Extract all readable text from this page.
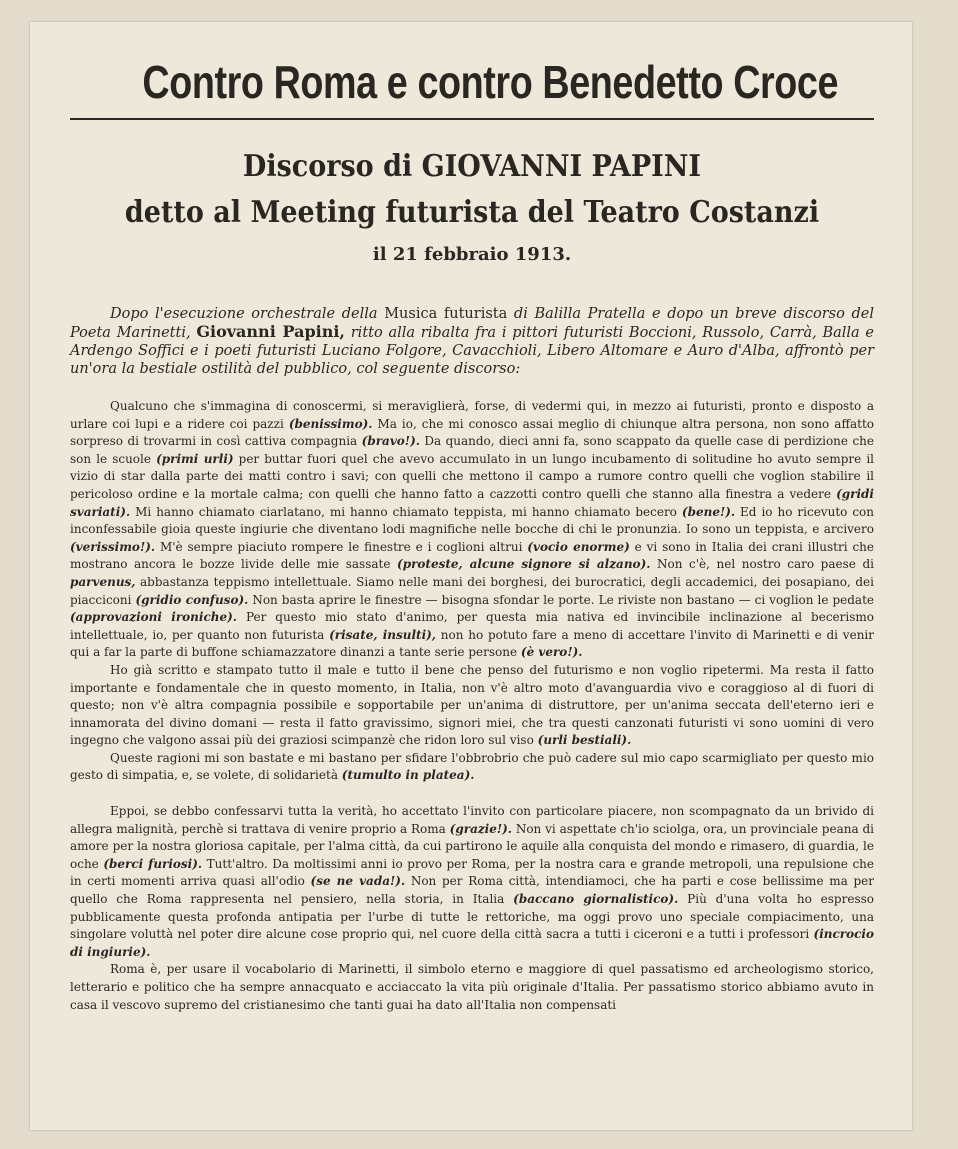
Contro Roma e contro Benedetto Croce
Discorso di GIOVANNI PAPINI
detto al Meeting futurista del Teatro Costanzi
il 21 febbraio 1913.

Dopo l'esecuzione orchestrale della Musica futurista di Balilla Pratella e dopo un breve discorso del Poeta Marinetti, Giovanni Papini, ritto alla ribalta fra i pittori futuristi Boccioni, Russolo, Carrà, Balla e Ardengo Soffici e i poeti futuristi Luciano Folgore, Cavacchioli, Libero Altomare e Auro d'Alba, affrontò per un'ora la bestiale ostilità del pubblico, col seguente discorso:

Qualcuno che s'immagina di conoscermi, si meraviglierà, forse, di vedermi qui, in mezzo ai futuristi, pronto e disposto a urlare coi lupi e a ridere coi pazzi (benissimo). Ma io, che mi conosco assai meglio di chiunque altra persona, non sono affatto sorpreso di trovarmi in così cattiva compagnia (bravo!). Da quando, dieci anni fa, sono scappato da quelle case di perdizione che son le scuole (primi urli) per buttar fuori quel che avevo accumulato in un lungo incubamento di solitudine ho avuto sempre il vizio di star dalla parte dei matti contro i savi; con quelli che mettono il campo a rumore contro quelli che voglion stabilire il pericoloso ordine e la mortale calma; con quelli che hanno fatto a cazzotti contro quelli che stanno alla finestra a vedere (gridi svariati). Mi hanno chiamato ciarlatano, mi hanno chiamato teppista, mi hanno chiamato becero (bene!). Ed io ho ricevuto con inconfessabile gioia queste ingiurie che diventano lodi magnifiche nelle bocche di chi le pronunzia. Io sono un teppista, e arcivero (verissimo!). M'è sempre piaciuto rompere le finestre e i coglioni altrui (vocio enorme) e vi sono in Italia dei crani illustri che mostrano ancora le bozze livide delle mie sassate (proteste, alcune signore si alzano). Non c'è, nel nostro caro paese di parvenus, abbastanza teppismo intellettuale. Siamo nelle mani dei borghesi, dei burocratici, degli accademici, dei posapiano, dei piacciconi (gridio confuso). Non basta aprire le finestre — bisogna sfondar le porte. Le riviste non bastano — ci voglion le pedate (approvazioni ironiche). Per questo mio stato d'animo, per questa mia nativa ed invincibile inclinazione al becerismo intellettuale, io, per quanto non futurista (risate, insulti), non ho potuto fare a meno di accettare l'invito di Marinetti e di venir qui a far la parte di buffone schiamazzatore dinanzi a tante serie persone (è vero!).

Ho già scritto e stampato tutto il male e tutto il bene che penso del futurismo e non voglio ripetermi. Ma resta il fatto importante e fondamentale che in questo momento, in Italia, non v'è altro moto d'avanguardia vivo e coraggioso al di fuori di questo; non v'è altra compagnia possibile e sopportabile per un'anima di distruttore, per un'anima seccata dell'eterno ieri e innamorata del divino domani — resta il fatto gravissimo, signori miei, che tra questi canzonati futuristi vi sono uomini di vero ingegno che valgono assai più dei graziosi scimpanzè che ridon loro sul viso (urli bestiali).

Queste ragioni mi son bastate e mi bastano per sfidare l'obbrobrio che può cadere sul mio capo scarmigliato per questo mio gesto di simpatia, e, se volete, di solidarietà (tumulto in platea).

Eppoi, se debbo confessarvi tutta la verità, ho accettato l'invito con particolare piacere, non scompagnato da un brivido di allegra malignità, perchè si trattava di venire proprio a Roma (grazie!). Non vi aspettate ch'io sciolga, ora, un provinciale peana di amore per la nostra gloriosa capitale, per l'alma città, da cui partirono le aquile alla conquista del mondo e rimasero, di guardia, le oche (berci furiosi). Tutt'altro. Da moltissimi anni io provo per Roma, per la nostra cara e grande metropoli, una repulsione che in certi momenti arriva quasi all'odio (se ne vada!). Non per Roma città, intendiamoci, che ha parti e cose bellissime ma per quello che Roma rappresenta nel pensiero, nella storia, in Italia (baccano giornalistico). Più d'una volta ho espresso pubblicamente questa profonda antipatia per l'urbe di tutte le rettoriche, ma oggi provo uno speciale compiacimento, una singolare voluttà nel poter dire alcune cose proprio qui, nel cuore della città sacra a tutti i ciceroni e a tutti i professori (incrocio di ingiurie).

Roma è, per usare il vocabolario di Marinetti, il simbolo eterno e maggiore di quel passatismo ed archeologismo storico, letterario e politico che ha sempre annacquato e acciaccato la vita più originale d'Italia. Per passatismo storico abbiamo avuto in casa il vescovo supremo del cristianesimo che tanti guai ha dato all'Italia non compensati
